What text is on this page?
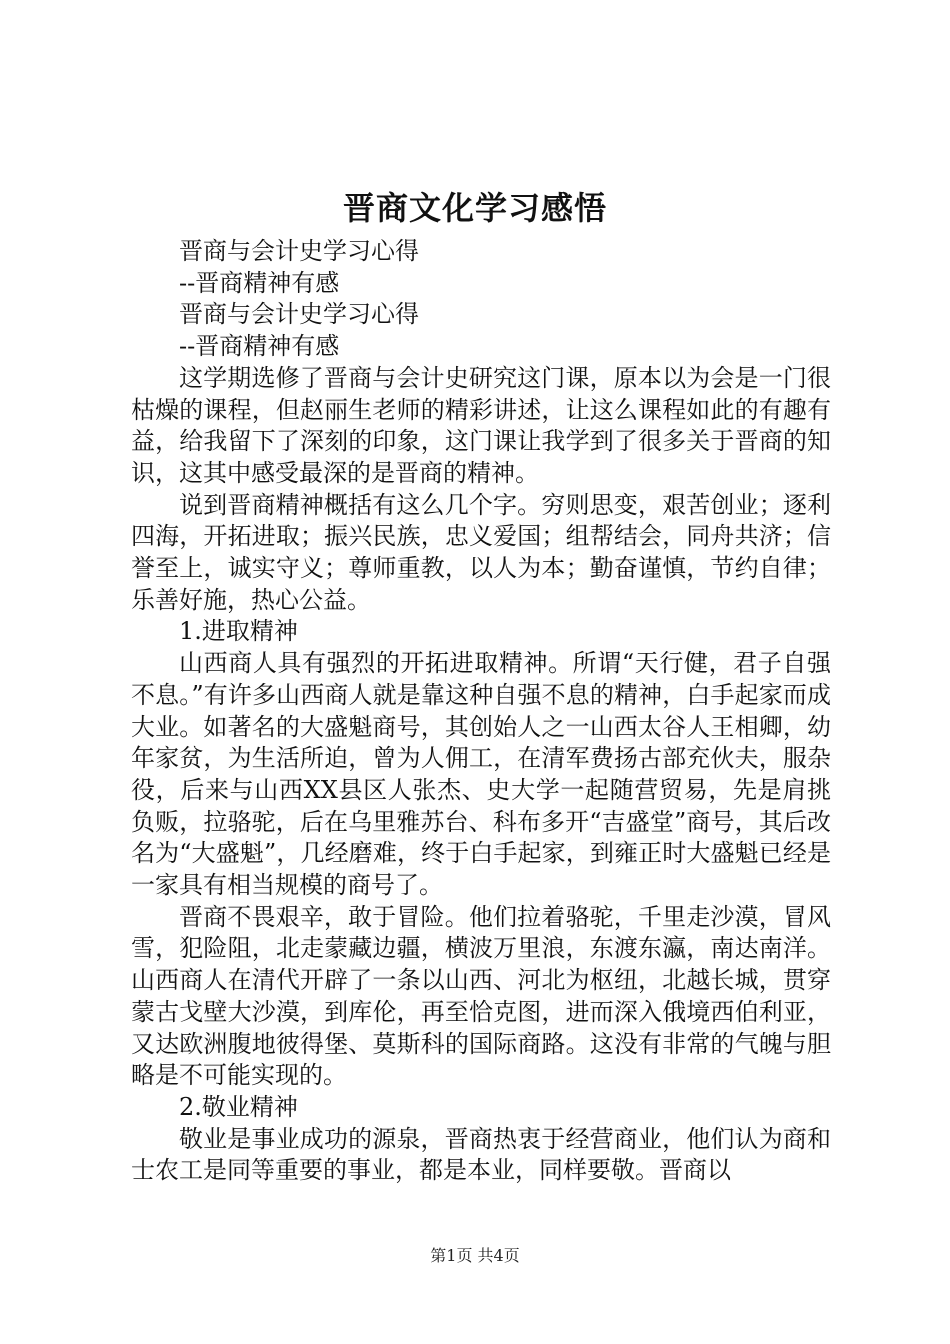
晋商文化学习感悟

晋商与会计史学习心得

--晋商精神有感

晋商与会计史学习心得

--晋商精神有感

这学期选修了晋商与会计史研究这门课，原本以为会是一门很枯燥的课程，但赵丽生老师的精彩讲述，让这么课程如此的有趣有益，给我留下了深刻的印象，这门课让我学到了很多关于晋商的知识，这其中感受最深的是晋商的精神。

说到晋商精神概括有这么几个字。穷则思变，艰苦创业；逐利四海，开拓进取；振兴民族，忠义爱国；组帮结会，同舟共济；信誉至上，诚实守义；尊师重教，以人为本；勤奋谨慎，节约自律；乐善好施，热心公益。

1.进取精神

山西商人具有强烈的开拓进取精神。所谓“天行健，君子自强不息。”有许多山西商人就是靠这种自强不息的精神，白手起家而成大业。如著名的大盛魁商号，其创始人之一山西太谷人王相卿，幼年家贫，为生活所迫，曾为人佣工，在清军费扬古部充伙夫，服杂役，后来与山西XX县区人张杰、史大学一起随营贸易，先是肩挑负贩，拉骆驼，后在乌里雅苏台、科布多开“吉盛堂”商号，其后改名为“大盛魁”，几经磨难，终于白手起家，到雍正时大盛魁已经是一家具有相当规模的商号了。

晋商不畏艰辛，敢于冒险。他们拉着骆驼，千里走沙漠，冒风雪，犯险阻，北走蒙藏边疆，横波万里浪，东渡东瀛，南达南洋。山西商人在清代开辟了一条以山西、河北为枢纽，北越长城，贯穿蒙古戈壁大沙漠，到库伦，再至恰克图，进而深入俄境西伯利亚，又达欧洲腹地彼得堡、莫斯科的国际商路。这没有非常的气魄与胆略是不可能实现的。

2.敬业精神

敬业是事业成功的源泉，晋商热衷于经营商业，他们认为商和士农工是同等重要的事业，都是本业，同样要敬。晋商以

第1页 共4页
